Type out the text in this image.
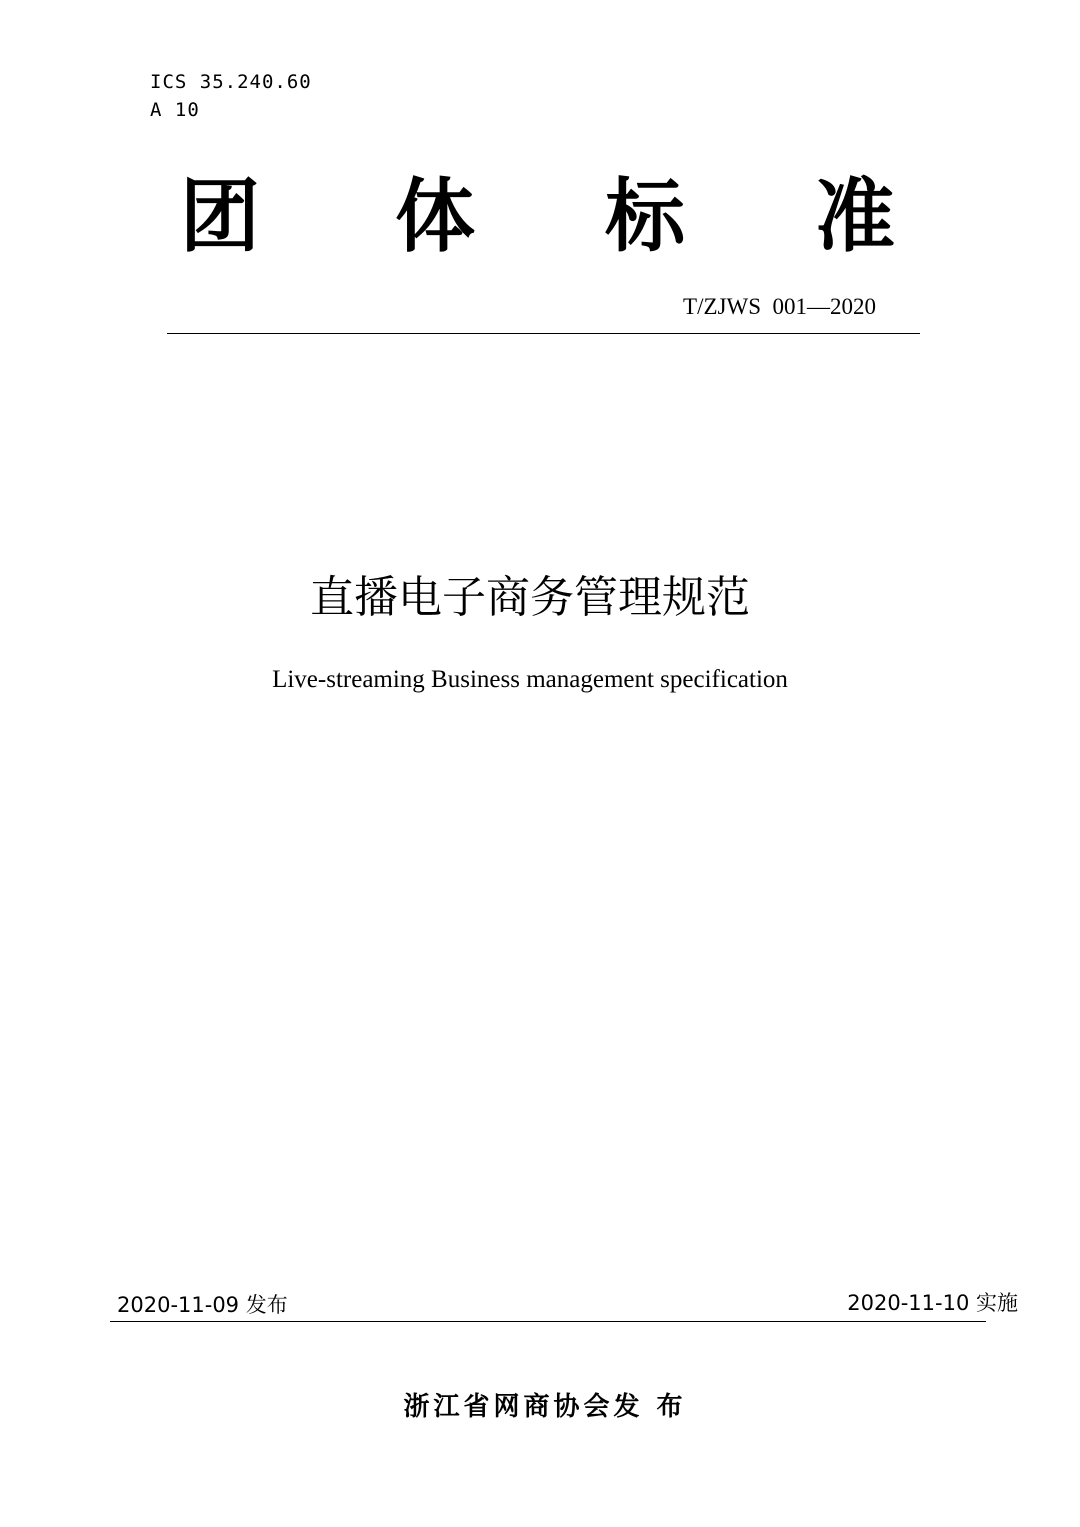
ICS 35.240.60
A 10
团 体 标 准
T/ZJWS  001—2020
直播电子商务管理规范
Live-streaming Business management specification
2020-11-09 发布	2020-11-10 实施
浙江省网商协会发 布
